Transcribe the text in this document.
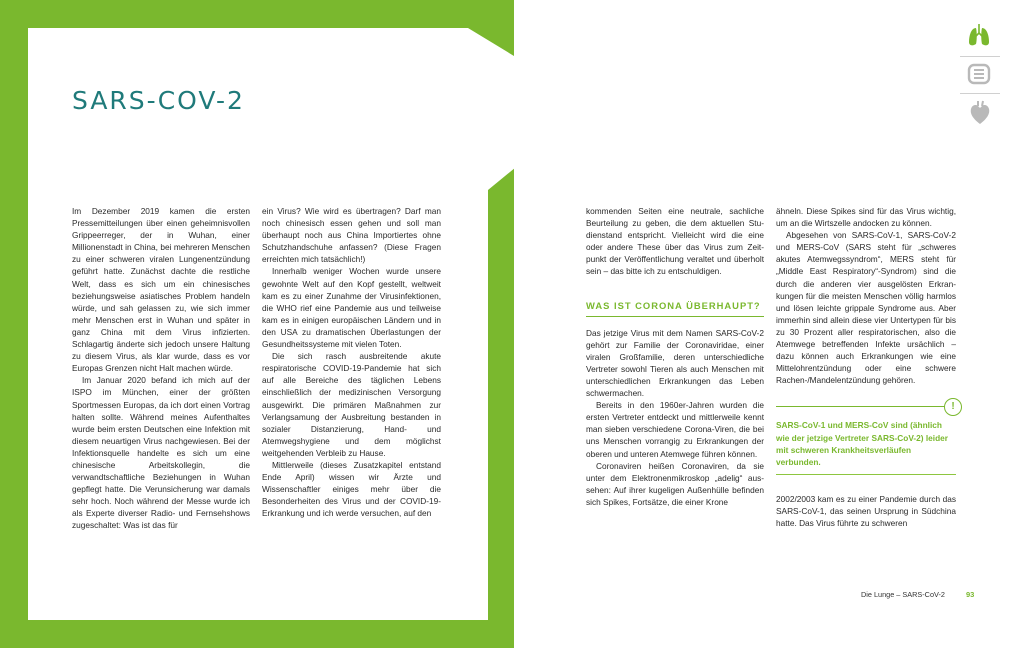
SARS-COV-2

Im Dezember 2019 kamen die ersten Pressemitteilungen über einen geheimnisvollen Grippeerreger, der in Wuhan, einer Millionenstadt in China, bei mehreren Menschen zu einer schweren viralen Lungenentzündung geführt hatte. Zunächst dachte die restliche Welt, dass es sich um ein chinesisches beziehungsweise asiatisches Problem handeln würde, und sah gelassen zu, wie sich immer mehr Menschen erst in Wuhan und später in ganz China mit dem Virus infizierten. Schlagartig änderte sich jedoch unsere Haltung zu diesem Virus, als klar wurde, dass es vor Europas Grenzen nicht Halt machen würde.

Im Januar 2020 befand ich mich auf der ISPO im München, einer der größten Sportmessen Europas, da ich dort einen Vortrag halten sollte. Während meines Aufenthaltes wurde beim ersten Deutschen eine Infektion mit diesem neuartigen Virus nachgewiesen. Bei der Infektionsquelle handelte es sich um eine chinesische Arbeitskollegin, die verwandtschaftliche Beziehungen in Wuhan gepflegt hatte. Die Verunsicherung war damals sehr hoch. Noch während der Messe wurde ich als Experte diverser Radio- und Fernsehshows zugeschaltet: Was ist das für

ein Virus? Wie wird es übertragen? Darf man noch chinesisch essen gehen und soll man überhaupt noch aus China Importiertes ohne Schutzhandschuhe anfassen? (Diese Fragen erreichten mich tatsächlich!)

Innerhalb weniger Wochen wurde unsere gewohnte Welt auf den Kopf gestellt, weltweit kam es zu einer Zunahme der Virusinfektionen, die WHO rief eine Pandemie aus und teilweise kam es in einigen europäischen Ländern und in den USA zu dramatischen Überlastungen der Gesundheitssysteme mit vielen Toten.

Die sich rasch ausbreitende akute respiratorische COVID-19-Pandemie hat sich auf alle Bereiche des täglichen Lebens einschließlich der medizinischen Versorgung ausgewirkt. Die primären Maßnahmen zur Verlangsamung der Ausbreitung bestanden in sozialer Distanzierung, Hand- und Atemwegshygiene und dem möglichst weitgehenden Verbleib zu Hause.

Mittlerweile (dieses Zusatzkapitel entstand Ende April) wissen wir Ärzte und Wissenschaftler einiges mehr über die Besonderheiten des Virus und der COVID-19-Erkrankung und ich werde versuchen, auf den

kommenden Seiten eine neutrale, sachliche Beurteilung zu geben, die dem aktuellen Studienstand entspricht. Vielleicht wird die eine oder andere These über das Virus zum Zeitpunkt der Veröffentlichung veraltet und überholt sein – das bitte ich zu entschuldigen.

WAS IST CORONA ÜBERHAUPT?

Das jetzige Virus mit dem Namen SARS-CoV-2 gehört zur Familie der Coronaviridae, einer viralen Großfamilie, deren unterschiedliche Vertreter sowohl Tieren als auch Menschen mit unterschiedlichen Erkrankungen das Leben schwermachen.

Bereits in den 1960er-Jahren wurden die ersten Vertreter entdeckt und mittlerweile kennt man sieben verschiedene Corona-Viren, die bei uns Menschen vorrangig zu Erkrankungen der oberen und unteren Atemwege führen können.

Coronaviren heißen Coronaviren, da sie unter dem Elektronenmikroskop „adelig“ aussehen: Auf ihrer kugeligen Außenhülle befinden sich Spikes, Fortsätze, die einer Krone

ähneln. Diese Spikes sind für das Virus wichtig, um an die Wirtszelle andocken zu können.

Abgesehen von SARS-CoV-1, SARS-CoV-2 und MERS-CoV (SARS steht für „schweres akutes Atemwegssyndrom“, MERS steht für „Middle East Respiratory“-Syndrom) sind die durch die anderen vier ausgelösten Erkrankungen für die meisten Menschen völlig harmlos und lösen leichte grippale Syndrome aus. Aber immerhin sind allein diese vier Untertypen für bis zu 30 Prozent aller respiratorischen, also die Atemwege betreffenden Infekte ursächlich – dazu können auch Erkrankungen wie eine Mittelohrentzündung oder eine schwere Rachen-/Mandelentzündung gehören.

!
SARS-CoV-1 und MERS-CoV sind (ähnlich wie der jetzige Vertreter SARS-CoV-2) leider mit schweren Krankheitsverläufen verbunden.

2002/2003 kam es zu einer Pandemie durch das SARS-CoV-1, das seinen Ursprung in Südchina hatte. Das Virus führte zu schweren

Die Lunge – SARS-CoV-2	93
